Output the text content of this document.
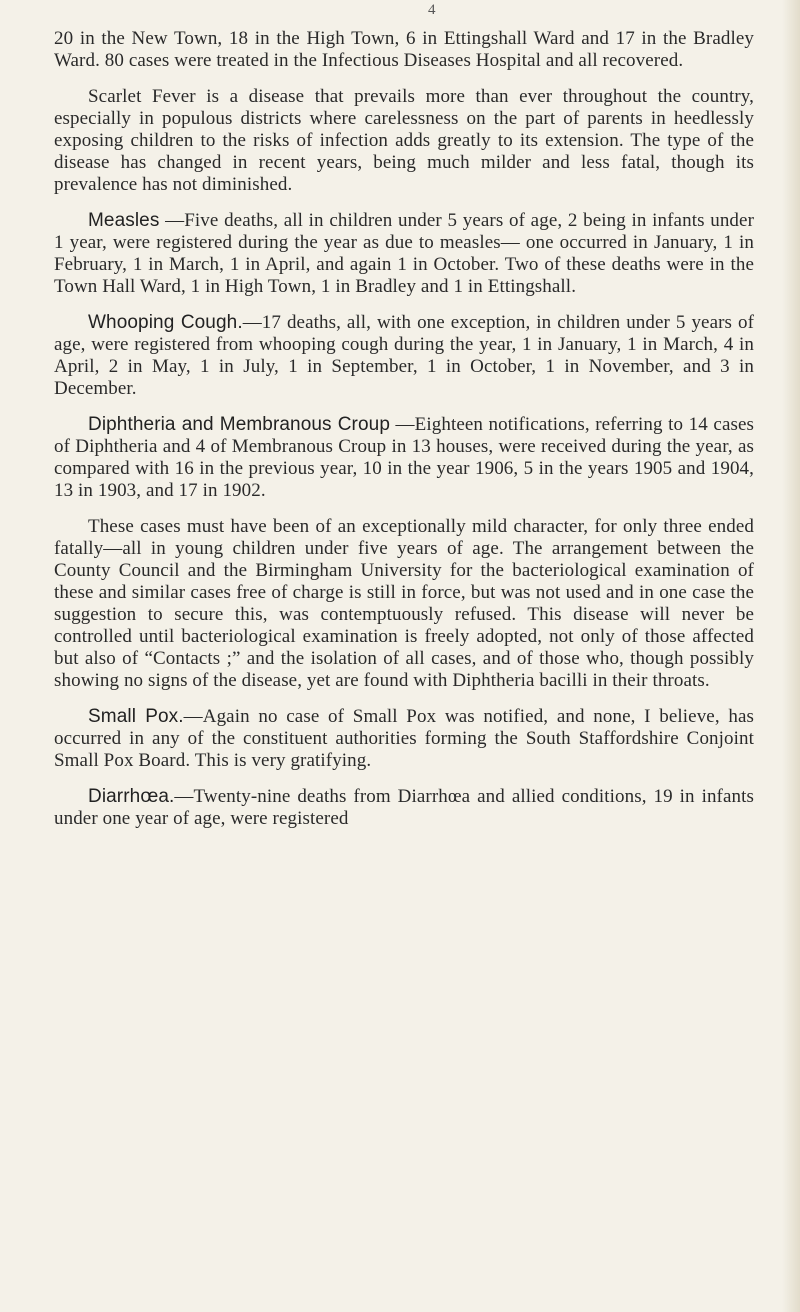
4

20 in the New Town, 18 in the High Town, 6 in Ettingshall Ward and 17 in the Bradley Ward. 80 cases were treated in the Infectious Diseases Hospital and all recovered.

Scarlet Fever is a disease that prevails more than ever throughout the country, especially in populous districts where carelessness on the part of parents in heedlessly exposing children to the risks of infection adds greatly to its extension. The type of the disease has changed in recent years, being much milder and less fatal, though its prevalence has not diminished.

Measles —Five deaths, all in children under 5 years of age, 2 being in infants under 1 year, were registered during the year as due to measles— one occurred in January, 1 in February, 1 in March, 1 in April, and again 1 in October. Two of these deaths were in the Town Hall Ward, 1 in High Town, 1 in Bradley and 1 in Ettingshall.

Whooping Cough.—17 deaths, all, with one exception, in children under 5 years of age, were registered from whooping cough during the year, 1 in January, 1 in March, 4 in April, 2 in May, 1 in July, 1 in September, 1 in October, 1 in November, and 3 in December.

Diphtheria and Membranous Croup —Eighteen notifications, referring to 14 cases of Diphtheria and 4 of Membranous Croup in 13 houses, were received during the year, as compared with 16 in the previous year, 10 in the year 1906, 5 in the years 1905 and 1904, 13 in 1903, and 17 in 1902.

These cases must have been of an exceptionally mild character, for only three ended fatally—all in young children under five years of age. The arrangement between the County Council and the Birmingham University for the bacteriological examination of these and similar cases free of charge is still in force, but was not used and in one case the suggestion to secure this, was contemptuously refused. This disease will never be controlled until bacteriological examination is freely adopted, not only of those affected but also of “Contacts ;” and the isolation of all cases, and of those who, though possibly showing no signs of the disease, yet are found with Diphtheria bacilli in their throats.

Small Pox.—Again no case of Small Pox was notified, and none, I believe, has occurred in any of the constituent authorities forming the South Staffordshire Conjoint Small Pox Board. This is very gratifying.

Diarrhœa.—Twenty-nine deaths from Diarrhœa and allied conditions, 19 in infants under one year of age, were registered
